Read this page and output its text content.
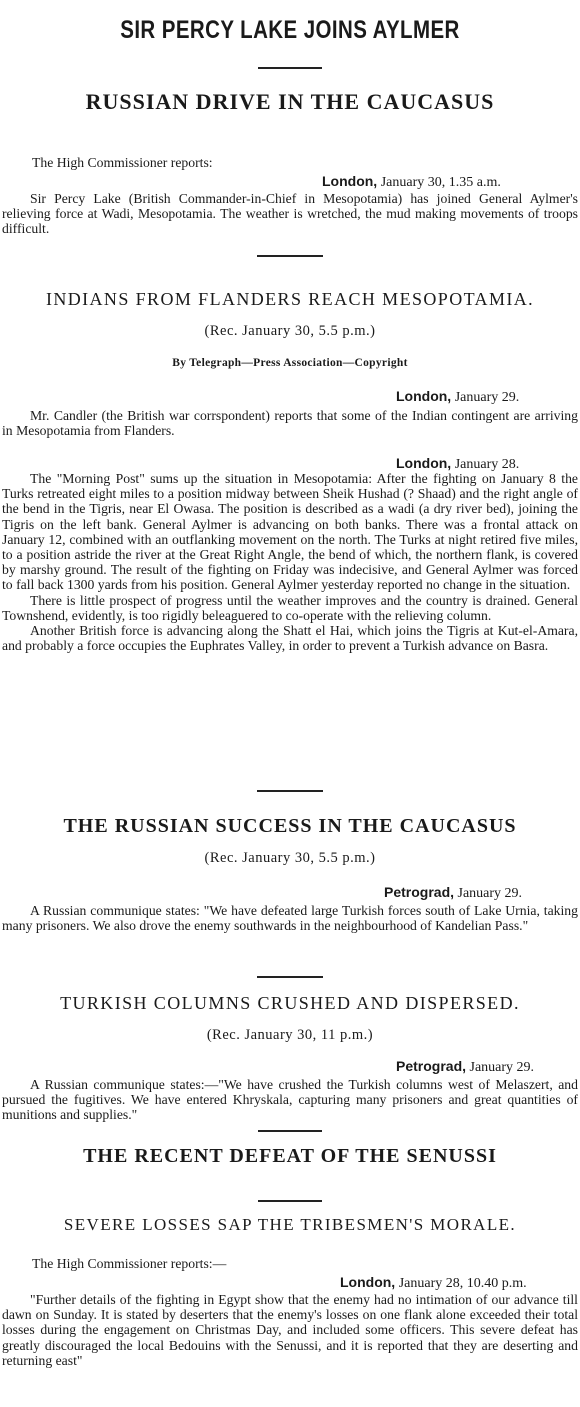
SIR PERCY LAKE JOINS AYLMER
RUSSIAN DRIVE IN THE CAUCASUS
The High Commissioner reports:
London, January 30, 1.35 a.m.

Sir Percy Lake (British Commander-in-Chief in Mesopotamia) has joined General Aylmer's relieving force at Wadi, Mesopotamia. The weather is wretched, the mud making movements of troops difficult.

INDIANS FROM FLANDERS REACH MESOPOTAMIA.
(Rec. January 30, 5.5 p.m.)
By Telegraph—Press Association—Copyright
London, January 29.

Mr. Candler (the British war corrspondent) reports that some of the Indian contingent are arriving in Mesopotamia from Flanders.

London, January 28.

The "Morning Post" sums up the situation in Mesopotamia: After the fighting on January 8 the Turks retreated eight miles to a position midway between Sheik Hushad (? Shaad) and the right angle of the bend in the Tigris, near El Owasa. The position is described as a wadi (a dry river bed), joining the Tigris on the left bank. General Aylmer is advancing on both banks. There was a frontal attack on January 12, combined with an outflanking movement on the north. The Turks at night retired five miles, to a position astride the river at the Great Right Angle, the bend of which, the northern flank, is covered by marshy ground. The result of the fighting on Friday was indecisive, and General Aylmer was forced to fall back 1300 yards from his position. General Aylmer yesterday reported no change in the situation.

There is little prospect of progress until the weather improves and the country is drained. General Townshend, evidently, is too rigidly beleaguered to co-operate with the relieving column.

Another British force is advancing along the Shatt el Hai, which joins the Tigris at Kut-el-Amara, and probably a force occupies the Euphrates Valley, in order to prevent a Turkish advance on Basra.

THE RUSSIAN SUCCESS IN THE CAUCASUS
(Rec. January 30, 5.5 p.m.)
Petrograd, January 29.

A Russian communique states: "We have defeated large Turkish forces south of Lake Urnia, taking many prisoners. We also drove the enemy southwards in the neighbourhood of Kandelian Pass."

TURKISH COLUMNS CRUSHED AND DISPERSED.
(Rec. January 30, 11 p.m.)
Petrograd, January 29.

A Russian communique states:—"We have crushed the Turkish columns west of Melaszert, and pursued the fugitives. We have entered Khryskala, capturing many prisoners and great quantities of munitions and supplies."

THE RECENT DEFEAT OF THE SENUSSI
SEVERE LOSSES SAP THE TRIBESMEN'S MORALE.
The High Commissioner reports:—
London, January 28, 10.40 p.m.

"Further details of the fighting in Egypt show that the enemy had no intimation of our advance till dawn on Sunday. It is stated by deserters that the enemy's losses on one flank alone exceeded their total losses during the engagement on Christmas Day, and included some officers. This severe defeat has greatly discouraged the local Bedouins with the Senussi, and it is reported that they are deserting and returning east"
